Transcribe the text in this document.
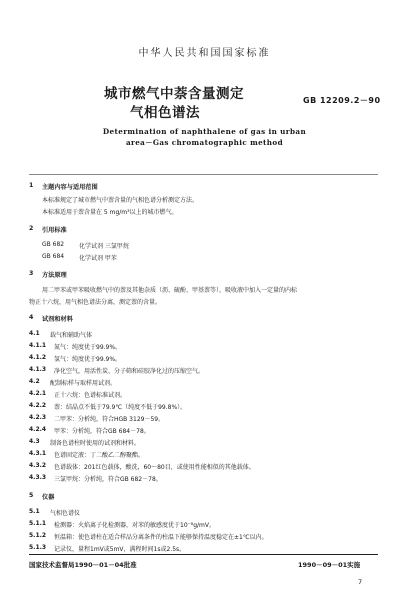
中华人民共和国国家标准
城市燃气中萘含量测定
气相色谱法
GB 12209.2－90
Determination of naphthalene of gas in urban
area－Gas chromatographic method
1 主题内容与适用范围
本标准规定了城市燃气中萘含量的气相色谱分析测定方法。
本标准适用于萘含量在 5 mg/m³以上的城市燃气。
2 引用标准
GB 682 化学试剂 三氯甲烷
GB 684 化学试剂 甲苯
3 方法原理
用二甲苯或甲苯吸收燃气中的萘及其他杂质（沥、硫酚、甲基萘等），吸收液中加入一定量的内标
物正十六烷，用气相色谱法分离，测定萘的含量。
4 试剂和材料
4.1 载气和辅助气体
4.1.1 氮气：纯度优于99.9%。
4.1.2 氢气：纯度优于99.9%。
4.1.3 净化空气，用活性炭、分子筛和硅胶净化过的压缩空气。
4.2 配制标样与取样用试剂。
4.2.1 正十六烷：色谱标准试剂。
4.2.2 萘：结晶点不低于79.9℃（纯度不低于99.8%）。
4.2.3 二甲苯：分析纯，符合HGB 3129－59。
4.2.4 甲苯：分析纯，符合GB 684－78。
4.3 制备色谱柱时使用的试剂和材料。
4.3.1 色谱固定液：丁二酸乙二醇聚酯。
4.3.2 色谱载体：201红色载体，酸洗，60～80目，或使用性能相似的其他载体。
4.3.3 三氯甲烷：分析纯，符合GB 682－78。
5 仪器
5.1 气相色谱仪
5.1.1 检测器：火焰离子化检测器，对苯的敏感度优于10⁻⁸g/mV。
5.1.2 恒温箱：使色谱柱在适合样品分离条件的柱温下能够保持温度稳定在±1℃以内。
5.1.3 记录仪，量程1mV或5mV，满程时间1s或2.5s。
国家技术监督局1990－01－04批准	1990－09－01实施
7
